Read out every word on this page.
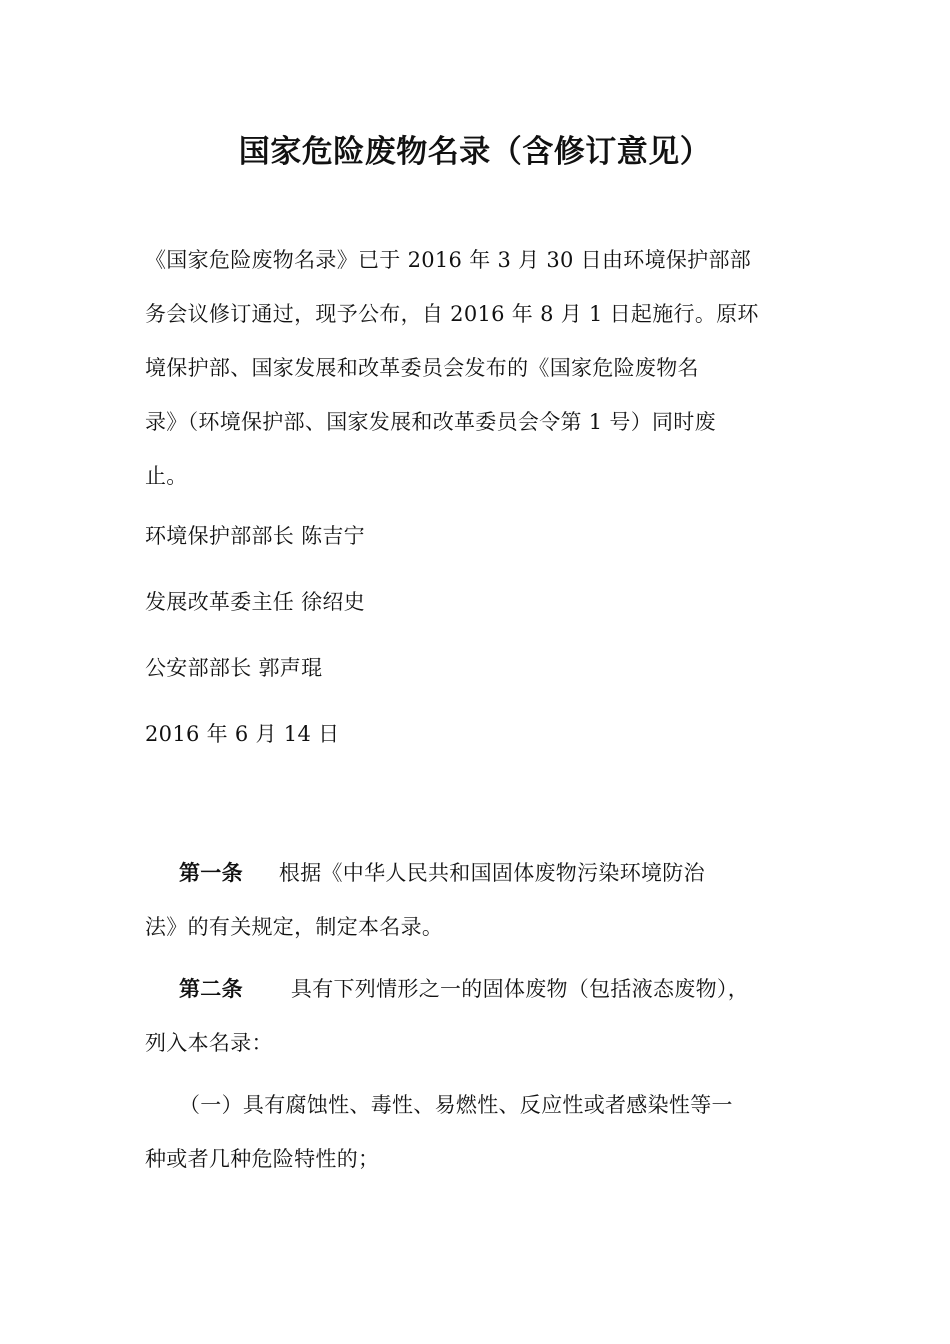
国家危险废物名录（含修订意见）
《国家危险废物名录》已于 2016 年 3 月 30 日由环境保护部部
务会议修订通过，现予公布，自 2016 年 8 月 1 日起施行。原环
境保护部、国家发展和改革委员会发布的《国家危险废物名
录》（环境保护部、国家发展和改革委员会令第 1 号）同时废
止。
环境保护部部长 陈吉宁
发展改革委主任 徐绍史
公安部部长 郭声琨
2016 年 6 月 14 日
第一条 根据《中华人民共和国固体废物污染环境防治
法》的有关规定，制定本名录。
第二条 具有下列情形之一的固体废物（包括液态废物），
列入本名录：
（一）具有腐蚀性、毒性、易燃性、反应性或者感染性等一
种或者几种危险特性的；
